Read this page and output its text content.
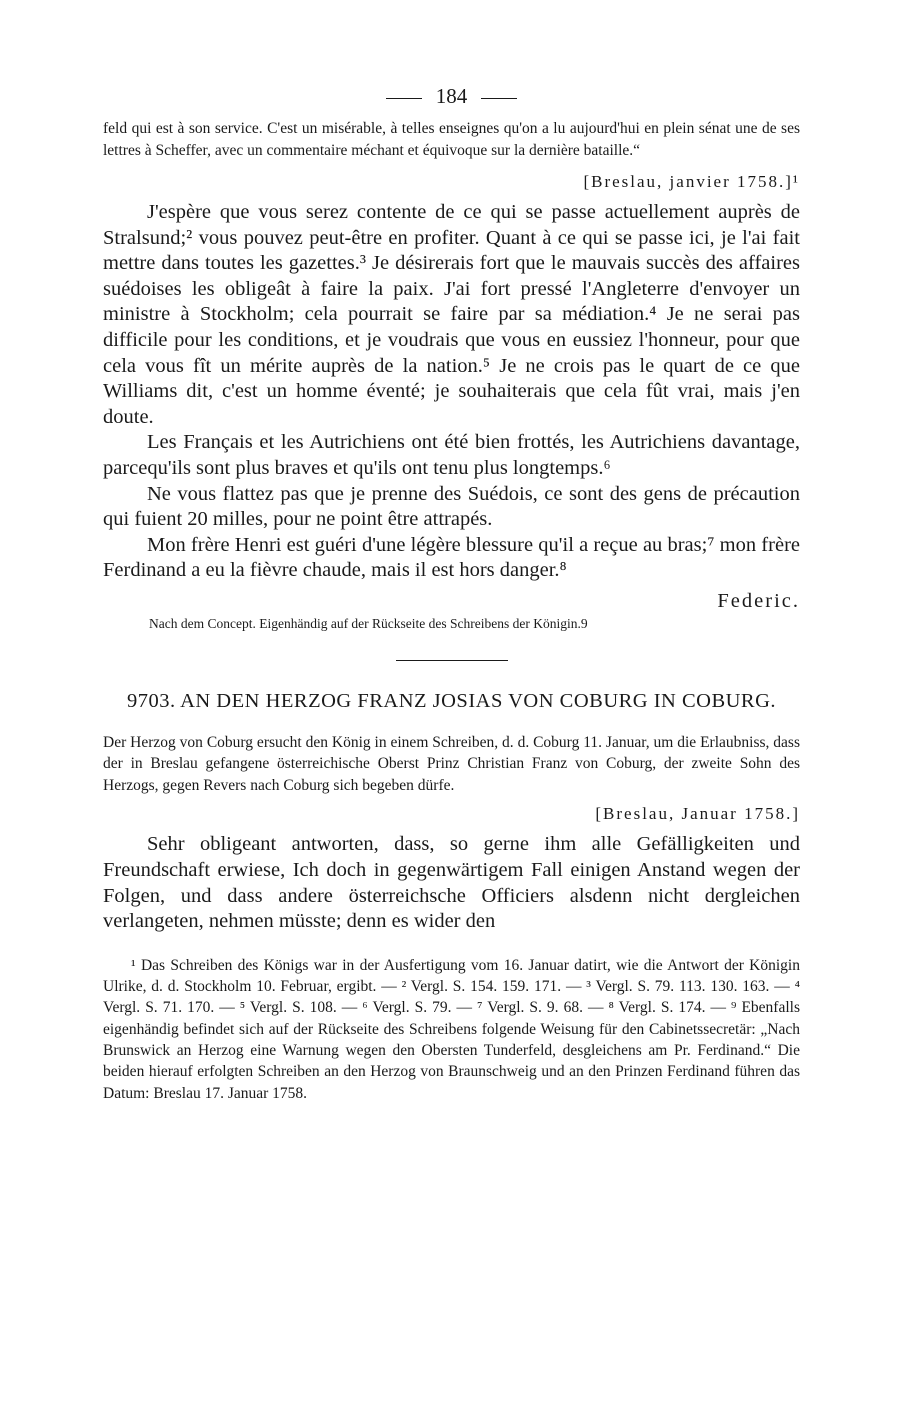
184

feld qui est à son service. C'est un misérable, à telles enseignes qu'on a lu aujourd'hui en plein sénat une de ses lettres à Scheffer, avec un commentaire méchant et équivoque sur la dernière bataille.“

[Breslau, janvier 1758.]¹

J'espère que vous serez contente de ce qui se passe actuellement auprès de Stralsund;² vous pouvez peut-être en profiter. Quant à ce qui se passe ici, je l'ai fait mettre dans toutes les gazettes.³ Je désirerais fort que le mauvais succès des affaires suédoises les obligeât à faire la paix. J'ai fort pressé l'Angleterre d'envoyer un ministre à Stockholm; cela pourrait se faire par sa médiation.⁴ Je ne serai pas difficile pour les conditions, et je voudrais que vous en eussiez l'honneur, pour que cela vous fît un mérite auprès de la nation.⁵ Je ne crois pas le quart de ce que Williams dit, c'est un homme éventé; je souhaiterais que cela fût vrai, mais j'en doute.

Les Français et les Autrichiens ont été bien frottés, les Autrichiens davantage, parcequ'ils sont plus braves et qu'ils ont tenu plus longtemps.⁶

Ne vous flattez pas que je prenne des Suédois, ce sont des gens de précaution qui fuient 20 milles, pour ne point être attrapés.

Mon frère Henri est guéri d'une légère blessure qu'il a reçue au bras;⁷ mon frère Ferdinand a eu la fièvre chaude, mais il est hors danger.⁸

Federic.
Nach dem Concept. Eigenhändig auf der Rückseite des Schreibens der Königin.9
9703. AN DEN HERZOG FRANZ JOSIAS VON COBURG IN COBURG.

Der Herzog von Coburg ersucht den König in einem Schreiben, d. d. Coburg 11. Januar, um die Erlaubniss, dass der in Breslau gefangene österreichische Oberst Prinz Christian Franz von Coburg, der zweite Sohn des Herzogs, gegen Revers nach Coburg sich begeben dürfe.

[Breslau, Januar 1758.]

Sehr obligeant antworten, dass, so gerne ihm alle Gefälligkeiten und Freundschaft erwiese, Ich doch in gegenwärtigem Fall einigen Anstand wegen der Folgen, und dass andere österreichsche Officiers alsdenn nicht dergleichen verlangeten, nehmen müsste; denn es wider den

¹ Das Schreiben des Königs war in der Ausfertigung vom 16. Januar datirt, wie die Antwort der Königin Ulrike, d. d. Stockholm 10. Februar, ergibt. — ² Vergl. S. 154. 159. 171. — ³ Vergl. S. 79. 113. 130. 163. — ⁴ Vergl. S. 71. 170. — ⁵ Vergl. S. 108. — ⁶ Vergl. S. 79. — ⁷ Vergl. S. 9. 68. — ⁸ Vergl. S. 174. — ⁹ Ebenfalls eigenhändig befindet sich auf der Rückseite des Schreibens folgende Weisung für den Cabinetssecretär: „Nach Brunswick an Herzog eine Warnung wegen den Obersten Tunderfeld, desgleichens am Pr. Ferdinand.“ Die beiden hierauf erfolgten Schreiben an den Herzog von Braunschweig und an den Prinzen Ferdinand führen das Datum: Breslau 17. Januar 1758.
